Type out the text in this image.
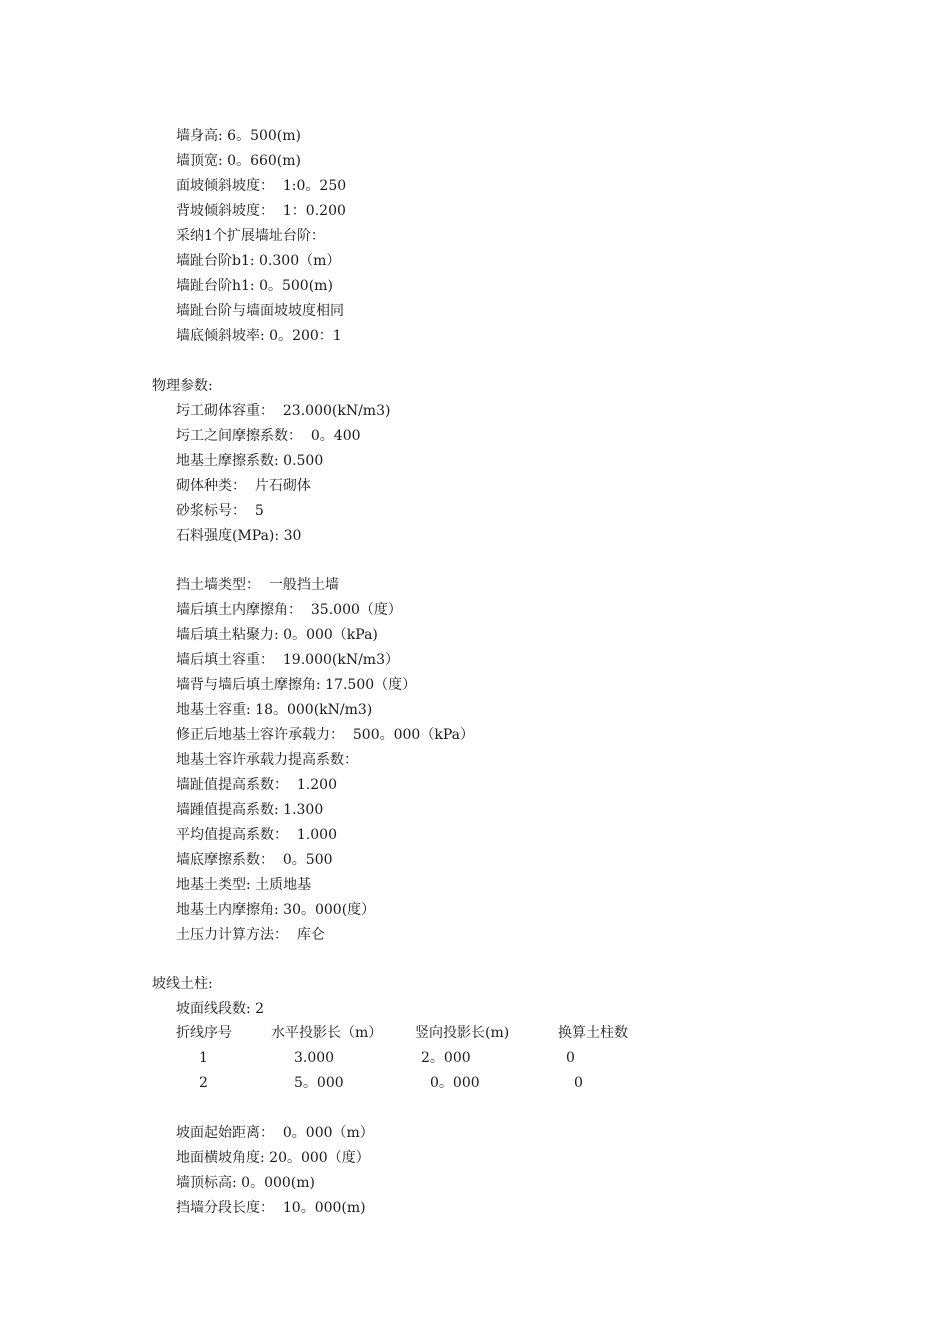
墙身高: 6。500(m)
墙顶宽: 0。660(m)
面坡倾斜坡度：  1:0。250
背坡倾斜坡度：  1：0.200
采纳1个扩展墙址台阶：
墙趾台阶b1: 0.300（m）
墙趾台阶h1: 0。500(m)
墙趾台阶与墙面坡坡度相同
墙底倾斜坡率: 0。200：1
物理参数:
圬工砌体容重：  23.000(kN/m3)
圬工之间摩擦系数：  0。400
地基土摩擦系数: 0.500
砌体种类：  片石砌体
砂浆标号：  5
石料强度(MPa): 30
挡土墙类型：  一般挡土墙
墙后填土内摩擦角：  35.000（度）
墙后填土粘聚力: 0。000（kPa)
墙后填土容重：  19.000(kN/m3）
墙背与墙后填土摩擦角: 17.500（度）
地基土容重: 18。000(kN/m3)
修正后地基土容许承载力：  500。000（kPa）
地基土容许承载力提高系数：
墙趾值提高系数：  1.200
墙踵值提高系数: 1.300
平均值提高系数：  1.000
墙底摩擦系数：  0。500
地基土类型: 土质地基
地基土内摩擦角: 30。000(度）
土压力计算方法：  库仑
坡线土柱:
坡面线段数: 2
折线序号	水平投影长（m） 竖向投影长(m)	换算土柱数
1	3.000	2。000	0
2	5。000	0。000	0
坡面起始距离：  0。000（m）
地面横坡角度: 20。000（度）
墙顶标高: 0。000(m)
挡墙分段长度：  10。000(m)
